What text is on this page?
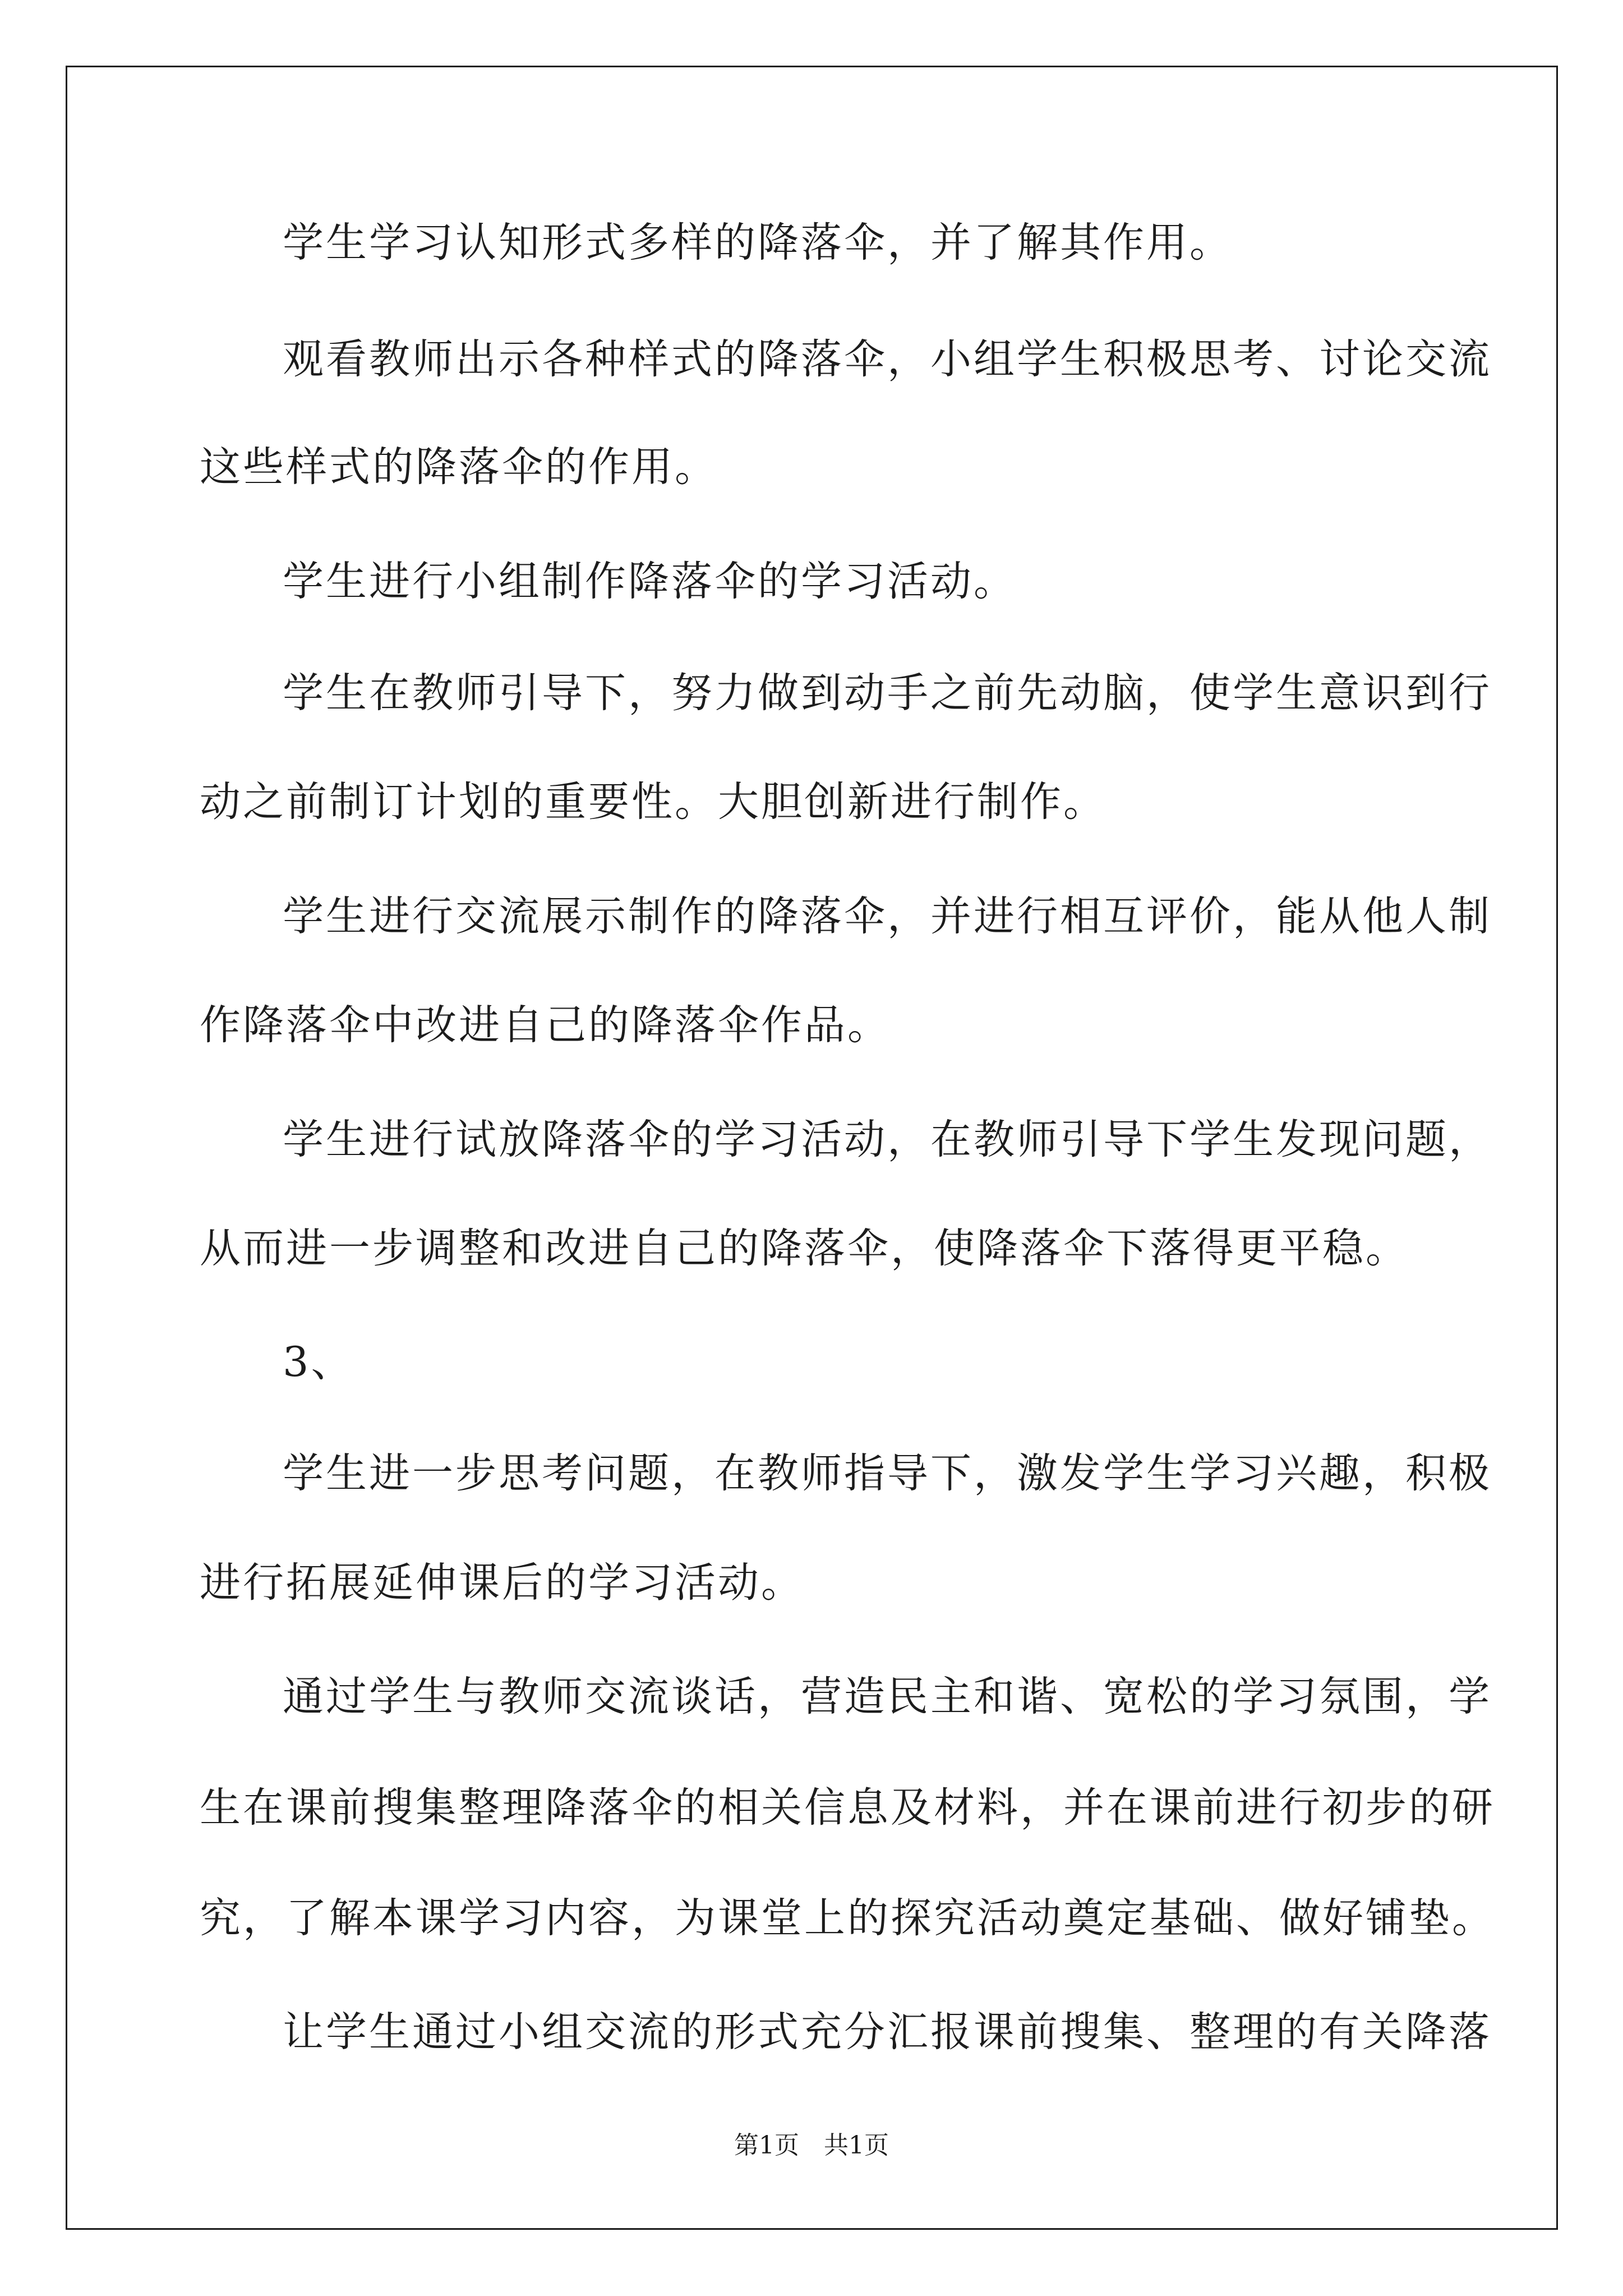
学生学习认知形式多样的降落伞，并了解其作用。

观看教师出示各种样式的降落伞，小组学生积极思考、讨论交流

这些样式的降落伞的作用。

学生进行小组制作降落伞的学习活动。

学生在教师引导下，努力做到动手之前先动脑，使学生意识到行

动之前制订计划的重要性。大胆创新进行制作。

学生进行交流展示制作的降落伞，并进行相互评价，能从他人制

作降落伞中改进自己的降落伞作品。

学生进行试放降落伞的学习活动，在教师引导下学生发现问题，

从而进一步调整和改进自己的降落伞，使降落伞下落得更平稳。

3、

学生进一步思考问题，在教师指导下，激发学生学习兴趣，积极

进行拓展延伸课后的学习活动。

通过学生与教师交流谈话，营造民主和谐、宽松的学习氛围，学

生在课前搜集整理降落伞的相关信息及材料，并在课前进行初步的研

究，了解本课学习内容，为课堂上的探究活动奠定基础、做好铺垫。

让学生通过小组交流的形式充分汇报课前搜集、整理的有关降落

第1页　共1页
